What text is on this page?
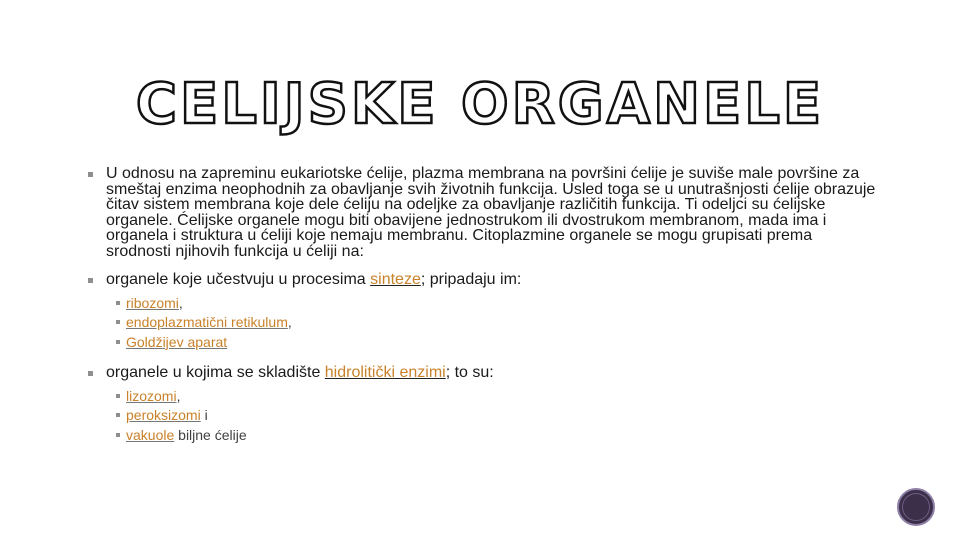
CELIJSKE ORGANELE
U odnosu na zapreminu eukariotske ćelije, plazma membrana na površini ćelije je suviše male površine za smeštaj enzima neophodnih za obavljanje svih životnih funkcija. Usled toga se u unutrašnjosti ćelije obrazuje čitav sistem membrana koje dele ćeliju na odeljke za obavljanje različitih funkcija. Ti odeljci su ćelijske organele. Ćelijske organele mogu biti obavijene jednostrukom ili dvostrukom membranom, mada ima i organela i struktura u ćeliji koje nemaju membranu. Citoplazmine organele se mogu grupisati prema srodnosti njihovih funkcija u ćeliji na:
organele koje učestvuju u procesima sinteze; pripadaju im:
ribozomi,
endoplazmatični retikulum,
Goldžijev aparat
organele u kojima se skladište hidrolitički enzimi; to su:
lizozomi,
peroksizomi i
vakuole biljne ćelije
